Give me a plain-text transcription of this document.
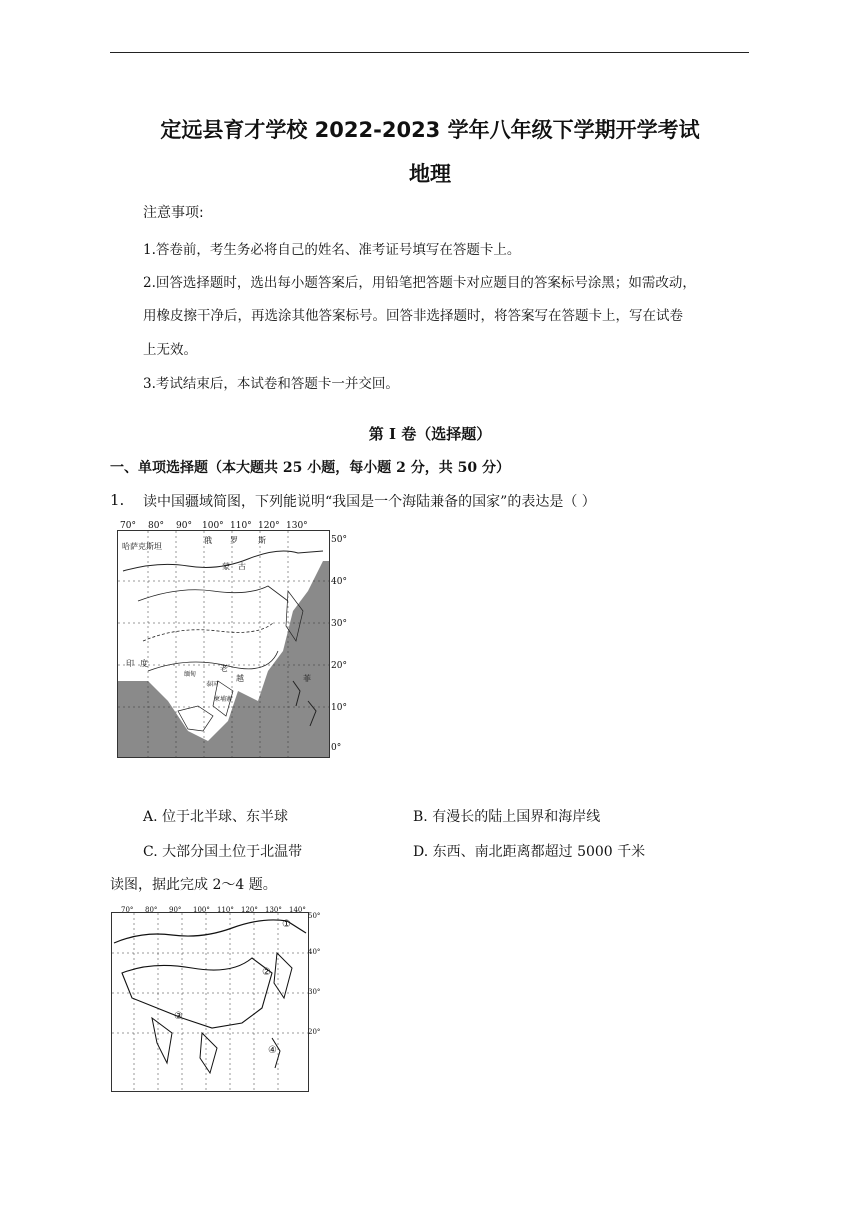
定远县育才学校 2022-2023 学年八年级下学期开学考试
地理
注意事项:
1.答卷前，考生务必将自己的姓名、准考证号填写在答题卡上。
2.回答选择题时，选出每小题答案后，用铅笔把答题卡对应题目的答案标号涂黑；如需改动，
用橡皮擦干净后，再选涂其他答案标号。回答非选择题时，将答案写在答题卡上，写在试卷
上无效。
3.考试结束后，本试卷和答题卡一并交回。
第 I 卷（选择题）
一、单项选择题（本大题共 25 小题，每小题 2 分，共 50 分）
1. 读中国疆域简图，下列能说明“我国是一个海陆兼备的国家”的表达是（ ）
哈萨克斯坦
俄 罗	斯
蒙 古
印 度
缅甸
泰国
柬埔寨
菲
越
老
70° 80° 90° 100° 110° 120° 130°
50°
40°
30°
20°
10°
0°
A. 位于北半球、东半球	B. 有漫长的陆上国界和海岸线
C. 大部分国土位于北温带	D. 东西、南北距离都超过 5000 千米
读图，据此完成 2～4 题。
①
②
③
④
70° 80° 90° 100° 110° 120° 130° 140°
50°
40°
30°
20°
